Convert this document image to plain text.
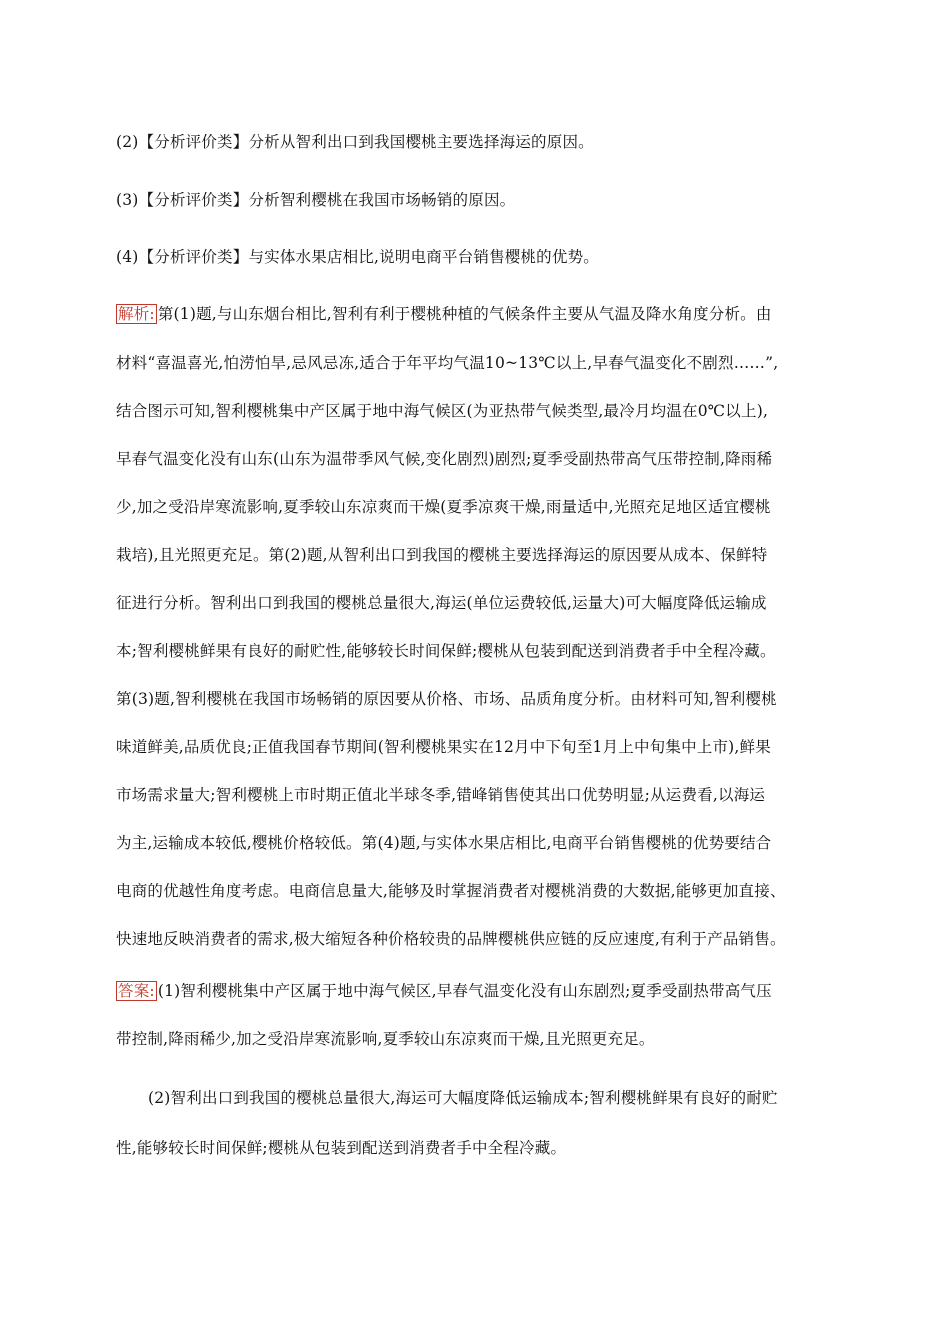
(2)【分析评价类】分析从智利出口到我国樱桃主要选择海运的原因。
(3)【分析评价类】分析智利樱桃在我国市场畅销的原因。
(4)【分析评价类】与实体水果店相比,说明电商平台销售樱桃的优势。
解析: 第(1)题,与山东烟台相比,智利有利于樱桃种植的气候条件主要从气温及降水角度分析。由
材料“喜温喜光,怕涝怕旱,忌风忌冻,适合于年平均气温10~13℃以上,早春气温变化不剧烈……”,
结合图示可知,智利樱桃集中产区属于地中海气候区(为亚热带气候类型,最冷月均温在0℃以上),
早春气温变化没有山东(山东为温带季风气候,变化剧烈)剧烈;夏季受副热带高气压带控制,降雨稀
少,加之受沿岸寒流影响,夏季较山东凉爽而干燥(夏季凉爽干燥,雨量适中,光照充足地区适宜樱桃
栽培),且光照更充足。第(2)题,从智利出口到我国的樱桃主要选择海运的原因要从成本、保鲜特
征进行分析。智利出口到我国的樱桃总量很大,海运(单位运费较低,运量大)可大幅度降低运输成
本;智利樱桃鲜果有良好的耐贮性,能够较长时间保鲜;樱桃从包装到配送到消费者手中全程冷藏。
第(3)题,智利樱桃在我国市场畅销的原因要从价格、市场、品质角度分析。由材料可知,智利樱桃
味道鲜美,品质优良;正值我国春节期间(智利樱桃果实在12月中下旬至1月上中旬集中上市),鲜果
市场需求量大;智利樱桃上市时期正值北半球冬季,错峰销售使其出口优势明显;从运费看,以海运
为主,运输成本较低,樱桃价格较低。第(4)题,与实体水果店相比,电商平台销售樱桃的优势要结合
电商的优越性角度考虑。电商信息量大,能够及时掌握消费者对樱桃消费的大数据,能够更加直接、
快速地反映消费者的需求,极大缩短各种价格较贵的品牌樱桃供应链的反应速度,有利于产品销售。
答案: (1)智利樱桃集中产区属于地中海气候区,早春气温变化没有山东剧烈;夏季受副热带高气压
带控制,降雨稀少,加之受沿岸寒流影响,夏季较山东凉爽而干燥,且光照更充足。
(2)智利出口到我国的樱桃总量很大,海运可大幅度降低运输成本;智利樱桃鲜果有良好的耐贮
性,能够较长时间保鲜;樱桃从包装到配送到消费者手中全程冷藏。
